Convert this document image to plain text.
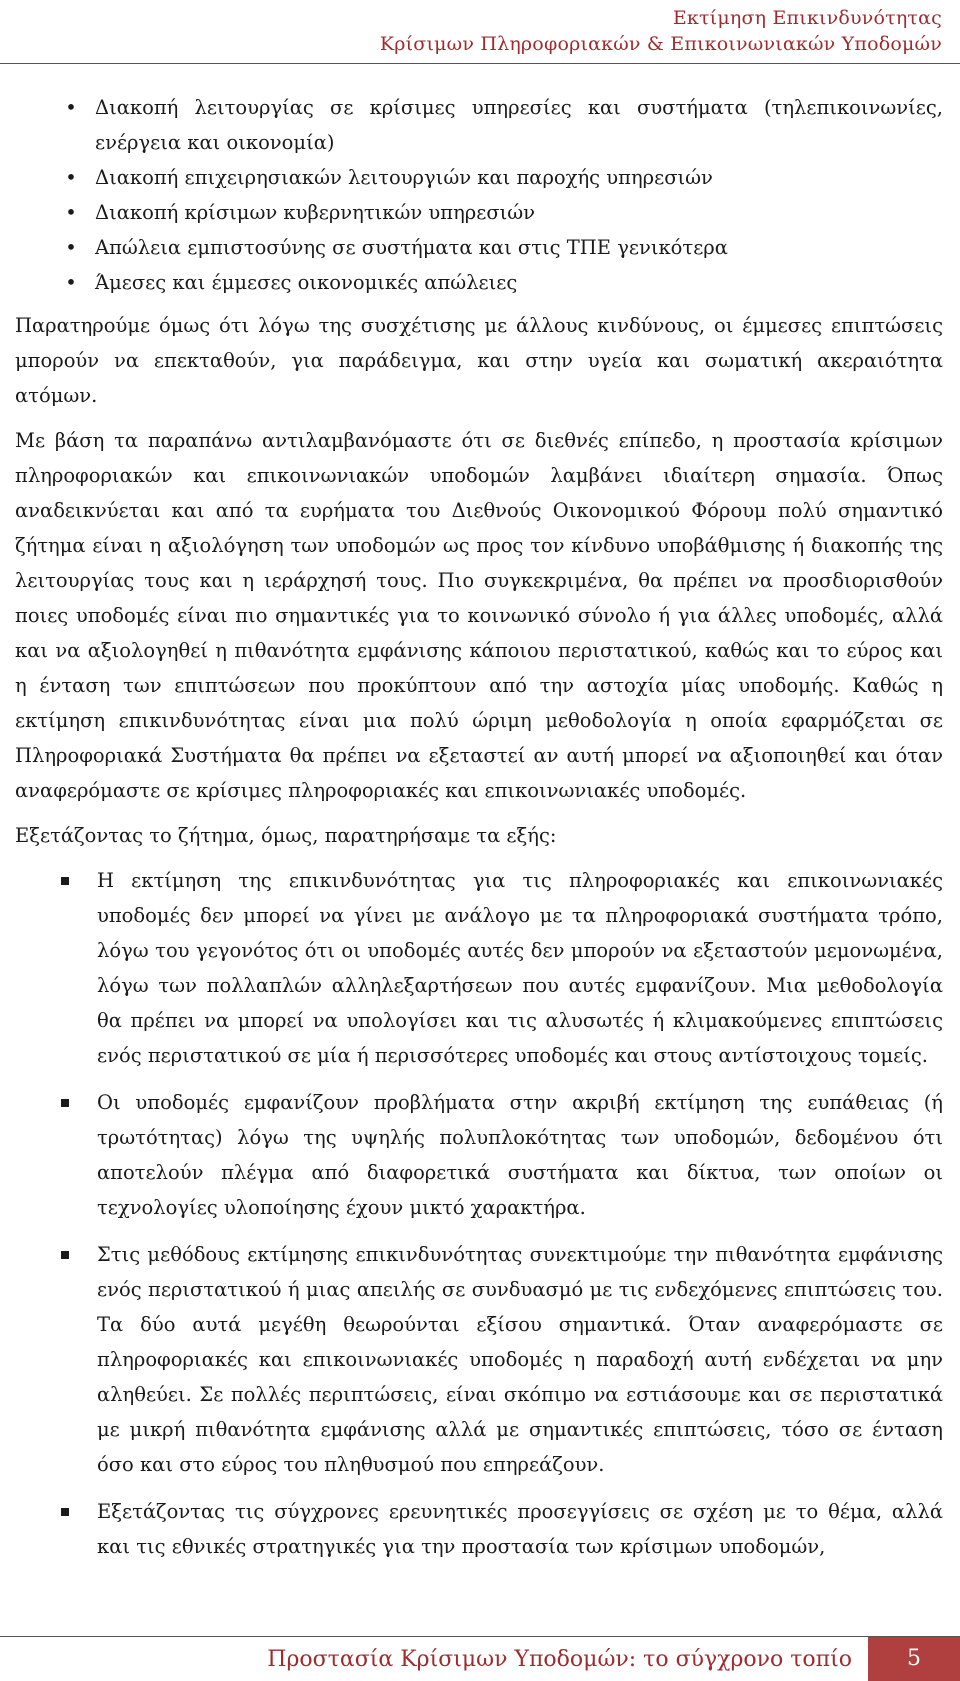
Εκτίμηση Επικινδυνότητας
Κρίσιμων Πληροφοριακών & Επικοινωνιακών Υποδομών
• Διακοπή λειτουργίας σε κρίσιμες υπηρεσίες και συστήματα (τηλεπικοινωνίες, ενέργεια και οικονομία)
• Διακοπή επιχειρησιακών λειτουργιών και παροχής υπηρεσιών
• Διακοπή κρίσιμων κυβερνητικών υπηρεσιών
• Απώλεια εμπιστοσύνης σε συστήματα και στις ΤΠΕ γενικότερα
• Άμεσες και έμμεσες οικονομικές απώλειες

Παρατηρούμε όμως ότι λόγω της συσχέτισης με άλλους κινδύνους, οι έμμεσες επιπτώσεις μπορούν να επεκταθούν, για παράδειγμα, και στην υγεία και σωματική ακεραιότητα ατόμων.

Με βάση τα παραπάνω αντιλαμβανόμαστε ότι σε διεθνές επίπεδο, η προστασία κρίσιμων πληροφοριακών και επικοινωνιακών υποδομών λαμβάνει ιδιαίτερη σημασία. Όπως αναδεικνύεται και από τα ευρήματα του Διεθνούς Οικονομικού Φόρουμ πολύ σημαντικό ζήτημα είναι η αξιολόγηση των υποδομών ως προς τον κίνδυνο υποβάθμισης ή διακοπής της λειτουργίας τους και η ιεράρχησή τους. Πιο συγκεκριμένα, θα πρέπει να προσδιορισθούν ποιες υποδομές είναι πιο σημαντικές για το κοινωνικό σύνολο ή για άλλες υποδομές, αλλά και να αξιολογηθεί η πιθανότητα εμφάνισης κάποιου περιστατικού, καθώς και το εύρος και η ένταση των επιπτώσεων που προκύπτουν από την αστοχία μίας υποδομής. Καθώς η εκτίμηση επικινδυνότητας είναι μια πολύ ώριμη μεθοδολογία η οποία εφαρμόζεται σε Πληροφοριακά Συστήματα θα πρέπει να εξεταστεί αν αυτή μπορεί να αξιοποιηθεί και όταν αναφερόμαστε σε κρίσιμες πληροφοριακές και επικοινωνιακές υποδομές.

Εξετάζοντας το ζήτημα, όμως, παρατηρήσαμε τα εξής:

Η εκτίμηση της επικινδυνότητας για τις πληροφοριακές και επικοινωνιακές υποδομές δεν μπορεί να γίνει με ανάλογο με τα πληροφοριακά συστήματα τρόπο, λόγω του γεγονότος ότι οι υποδομές αυτές δεν μπορούν να εξεταστούν μεμονωμένα, λόγω των πολλαπλών αλληλεξαρτήσεων που αυτές εμφανίζουν. Μια μεθοδολογία θα πρέπει να μπορεί να υπολογίσει και τις αλυσωτές ή κλιμακούμενες επιπτώσεις ενός περιστατικού σε μία ή περισσότερες υποδομές και στους αντίστοιχους τομείς.
Οι υποδομές εμφανίζουν προβλήματα στην ακριβή εκτίμηση της ευπάθειας (ή τρωτότητας) λόγω της υψηλής πολυπλοκότητας των υποδομών, δεδομένου ότι αποτελούν πλέγμα από διαφορετικά συστήματα και δίκτυα, των οποίων οι τεχνολογίες υλοποίησης έχουν μικτό χαρακτήρα.
Στις μεθόδους εκτίμησης επικινδυνότητας συνεκτιμούμε την πιθανότητα εμφάνισης ενός περιστατικού ή μιας απειλής σε συνδυασμό με τις ενδεχόμενες επιπτώσεις του. Τα δύο αυτά μεγέθη θεωρούνται εξίσου σημαντικά. Όταν αναφερόμαστε σε πληροφοριακές και επικοινωνιακές υποδομές η παραδοχή αυτή ενδέχεται να μην αληθεύει. Σε πολλές περιπτώσεις, είναι σκόπιμο να εστιάσουμε και σε περιστατικά με μικρή πιθανότητα εμφάνισης αλλά με σημαντικές επιπτώσεις, τόσο σε ένταση όσο και στο εύρος του πληθυσμού που επηρεάζουν.
Εξετάζοντας τις σύγχρονες ερευνητικές προσεγγίσεις σε σχέση με το θέμα, αλλά και τις εθνικές στρατηγικές για την προστασία των κρίσιμων υποδομών,
Προστασία Κρίσιμων Υποδομών: το σύγχρονο τοπίο	5
